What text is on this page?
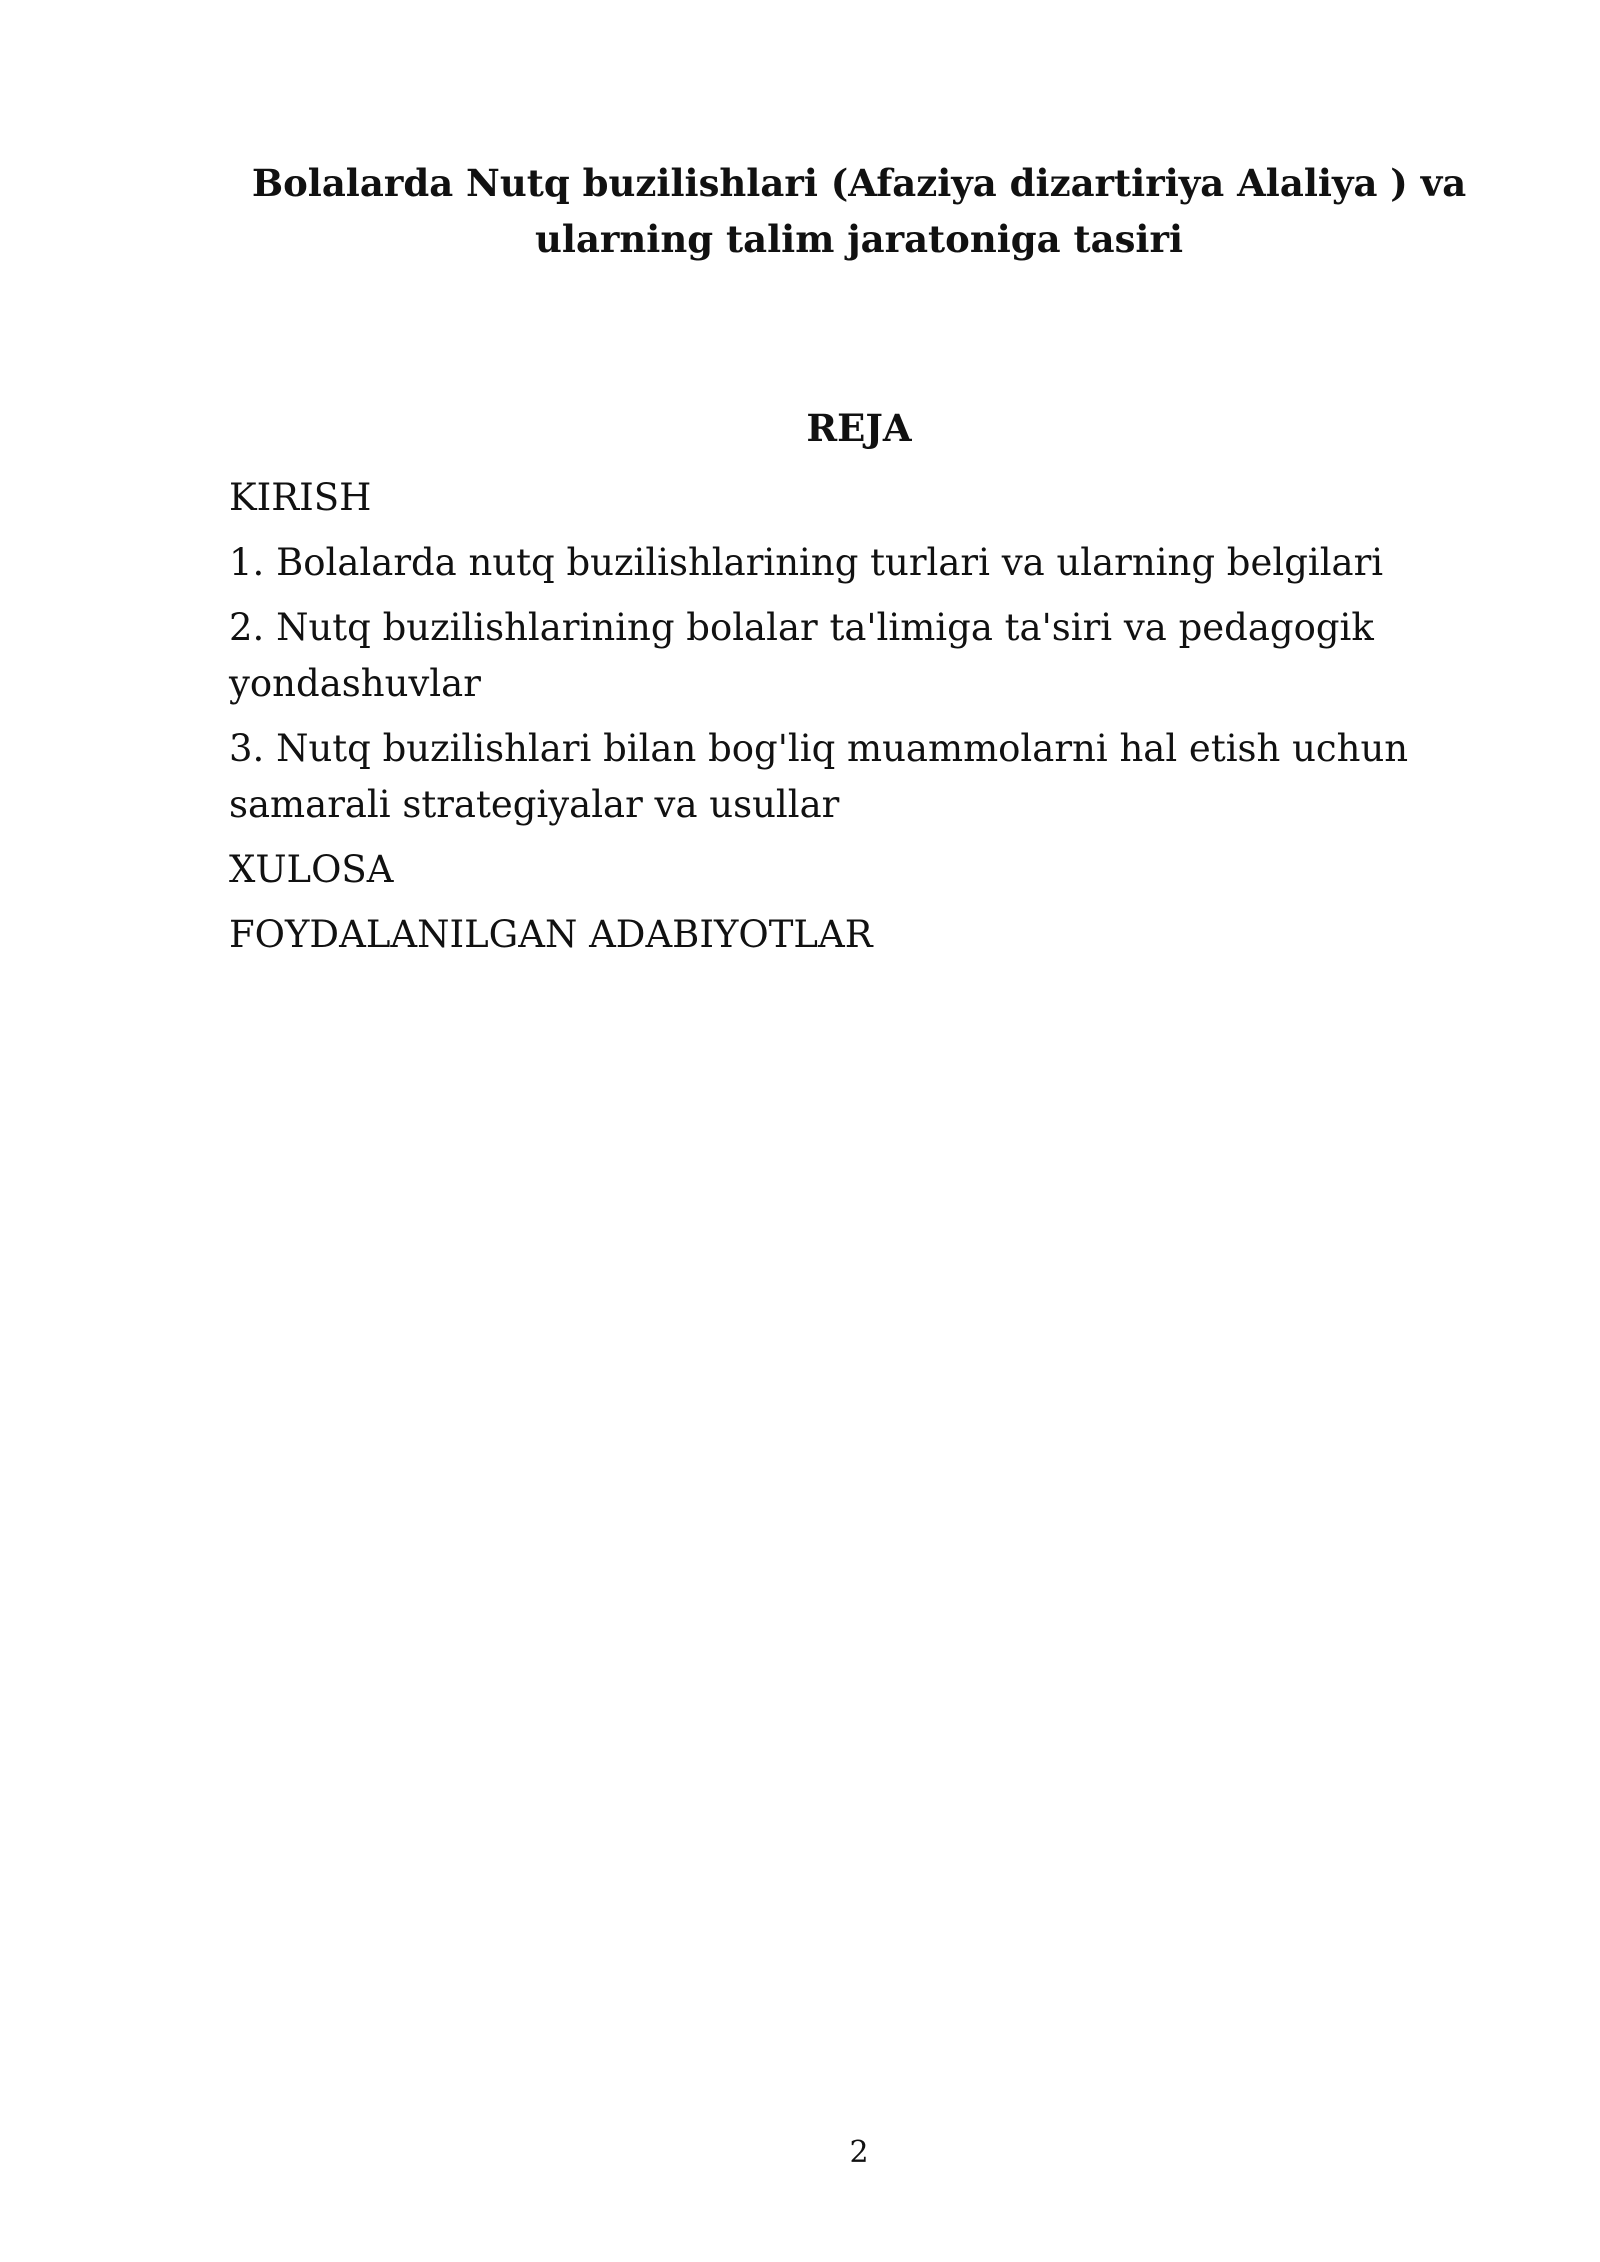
Bolalarda Nutq buzilishlari (Afaziya dizartiriya Alaliya ) va ularning talim jaratoniga tasiri
REJA
KIRISH
1. Bolalarda nutq buzilishlarining turlari va ularning belgilari
2. Nutq buzilishlarining bolalar ta'limiga ta'siri va pedagogik yondashuvlar
3. Nutq buzilishlari bilan bog'liq muammolarni hal etish uchun samarali strategiyalar va usullar
XULOSA
FOYDALANILGAN ADABIYOTLAR
2
